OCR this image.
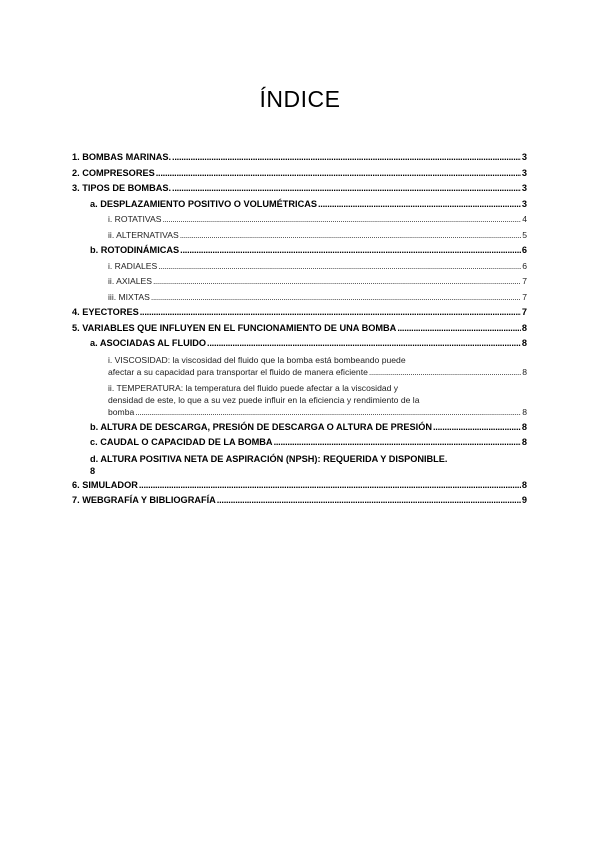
ÍNDICE
1. BOMBAS MARINAS. . . .	3
2. COMPRESORES . . .	3
3. TIPOS DE BOMBAS. . . .	3
a. DESPLAZAMIENTO POSITIVO O VOLUMÉTRICAS . . .	3
i. ROTATIVAS . . .	4
ii. ALTERNATIVAS . . .	5
b. ROTODINÁMICAS . . .	6
i. RADIALES . . .	6
ii. AXIALES . . .	7
iii. MIXTAS . . .	7
4. EYECTORES . . .	7
5. VARIABLES QUE INFLUYEN EN EL FUNCIONAMIENTO DE UNA BOMBA . . .	8
a. ASOCIADAS AL FLUIDO . . .	8
i. VISCOSIDAD: la viscosidad del fluido que la bomba está bombeando puede
afectar a su capacidad para transportar el fluido de manera eficiente . . .	8
ii. TEMPERATURA: la temperatura del fluido puede afectar a la viscosidad y
densidad de este, lo que a su vez puede influir en la eficiencia y rendimiento de la
bomba . . .	8
b. ALTURA DE DESCARGA, PRESIÓN DE DESCARGA O ALTURA DE PRESIÓN . . .	8
c. CAUDAL O CAPACIDAD DE LA BOMBA . . .	8
d. ALTURA POSITIVA NETA DE ASPIRACIÓN (NPSH): REQUERIDA Y DISPONIBLE.
8
6. SIMULADOR . . .	8
7. WEBGRAFÍA Y BIBLIOGRAFÍA . . .	9
